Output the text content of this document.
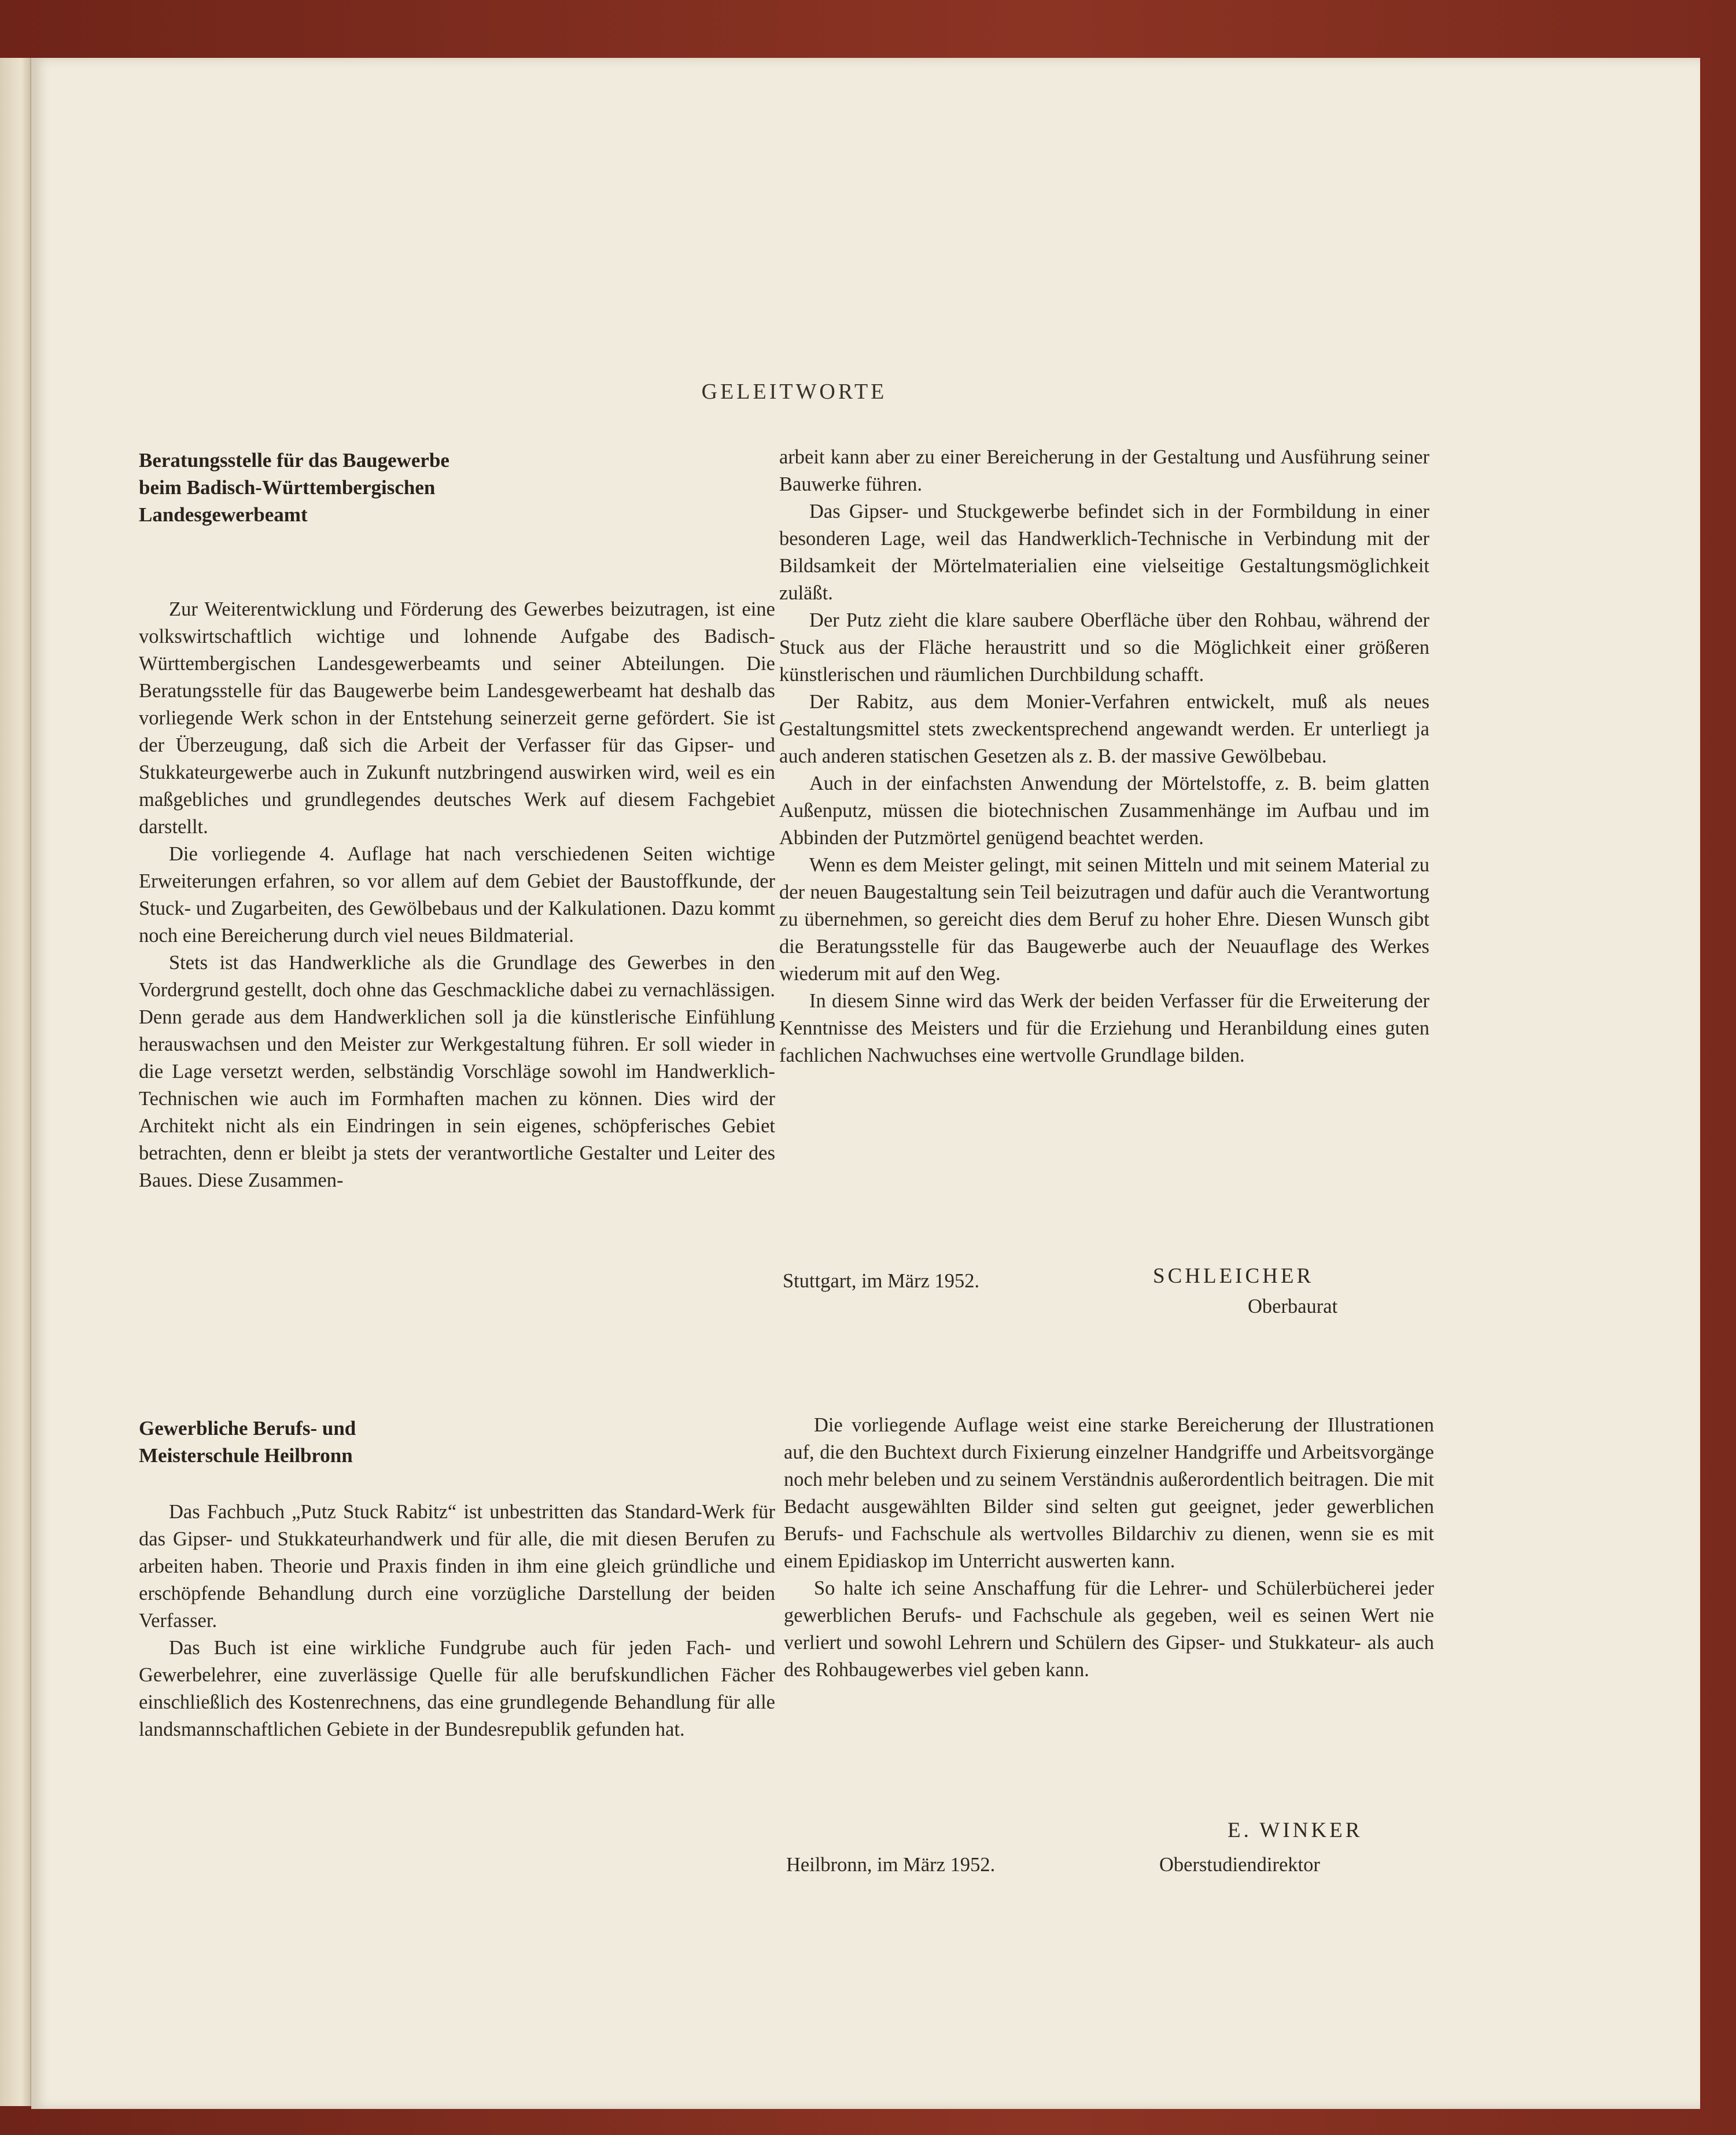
GELEITWORTE
Beratungsstelle für das Baugewerbe
beim Badisch-Württembergischen
Landesgewerbeamt

Zur Weiterentwicklung und Förderung des Gewerbes beizutragen, ist eine volkswirtschaftlich wichtige und lohnende Aufgabe des Badisch-Württembergischen Landesgewerbeamts und seiner Abteilungen. Die Beratungsstelle für das Baugewerbe beim Landesgewerbeamt hat deshalb das vorliegende Werk schon in der Entstehung seinerzeit gerne gefördert. Sie ist der Überzeugung, daß sich die Arbeit der Verfasser für das Gipser- und Stukkateurgewerbe auch in Zukunft nutzbringend auswirken wird, weil es ein maßgebliches und grundlegendes deutsches Werk auf diesem Fachgebiet darstellt.

Die vorliegende 4. Auflage hat nach verschiedenen Seiten wichtige Erweiterungen erfahren, so vor allem auf dem Gebiet der Baustoffkunde, der Stuck- und Zugarbeiten, des Gewölbebaus und der Kalkulationen. Dazu kommt noch eine Bereicherung durch viel neues Bildmaterial.

Stets ist das Handwerkliche als die Grundlage des Gewerbes in den Vordergrund gestellt, doch ohne das Geschmackliche dabei zu vernachlässigen. Denn gerade aus dem Handwerklichen soll ja die künstlerische Einfühlung herauswachsen und den Meister zur Werkgestaltung führen. Er soll wieder in die Lage versetzt werden, selbständig Vorschläge sowohl im Handwerklich-Technischen wie auch im Formhaften machen zu können. Dies wird der Architekt nicht als ein Eindringen in sein eigenes, schöpferisches Gebiet betrachten, denn er bleibt ja stets der verantwortliche Gestalter und Leiter des Baues. Diese Zusammen-

arbeit kann aber zu einer Bereicherung in der Gestaltung und Ausführung seiner Bauwerke führen.

Das Gipser- und Stuckgewerbe befindet sich in der Formbildung in einer besonderen Lage, weil das Handwerklich-Technische in Verbindung mit der Bildsamkeit der Mörtelmaterialien eine vielseitige Gestaltungsmöglichkeit zuläßt.

Der Putz zieht die klare saubere Oberfläche über den Rohbau, während der Stuck aus der Fläche heraustritt und so die Möglichkeit einer größeren künstlerischen und räumlichen Durchbildung schafft.

Der Rabitz, aus dem Monier-Verfahren entwickelt, muß als neues Gestaltungsmittel stets zweckentsprechend angewandt werden. Er unterliegt ja auch anderen statischen Gesetzen als z. B. der massive Gewölbebau.

Auch in der einfachsten Anwendung der Mörtelstoffe, z. B. beim glatten Außenputz, müssen die biotechnischen Zusammenhänge im Aufbau und im Abbinden der Putzmörtel genügend beachtet werden.

Wenn es dem Meister gelingt, mit seinen Mitteln und mit seinem Material zu der neuen Baugestaltung sein Teil beizutragen und dafür auch die Verantwortung zu übernehmen, so gereicht dies dem Beruf zu hoher Ehre. Diesen Wunsch gibt die Beratungsstelle für das Baugewerbe auch der Neuauflage des Werkes wiederum mit auf den Weg.

In diesem Sinne wird das Werk der beiden Verfasser für die Erweiterung der Kenntnisse des Meisters und für die Erziehung und Heranbildung eines guten fachlichen Nachwuchses eine wertvolle Grundlage bilden.

Stuttgart, im März 1952.	SCHLEICHER
Oberbaurat
Gewerbliche Berufs- und
Meisterschule Heilbronn

Das Fachbuch „Putz Stuck Rabitz“ ist unbestritten das Standard-Werk für das Gipser- und Stukkateurhandwerk und für alle, die mit diesen Berufen zu arbeiten haben. Theorie und Praxis finden in ihm eine gleich gründliche und erschöpfende Behandlung durch eine vorzügliche Darstellung der beiden Verfasser.

Das Buch ist eine wirkliche Fundgrube auch für jeden Fach- und Gewerbelehrer, eine zuverlässige Quelle für alle berufskundlichen Fächer einschließlich des Kostenrechnens, das eine grundlegende Behandlung für alle landsmannschaftlichen Gebiete in der Bundesrepublik gefunden hat.

Die vorliegende Auflage weist eine starke Bereicherung der Illustrationen auf, die den Buchtext durch Fixierung einzelner Handgriffe und Arbeitsvorgänge noch mehr beleben und zu seinem Verständnis außerordentlich beitragen. Die mit Bedacht ausgewählten Bilder sind selten gut geeignet, jeder gewerblichen Berufs- und Fachschule als wertvolles Bildarchiv zu dienen, wenn sie es mit einem Epidiaskop im Unterricht auswerten kann.

So halte ich seine Anschaffung für die Lehrer- und Schülerbücherei jeder gewerblichen Berufs- und Fachschule als gegeben, weil es seinen Wert nie verliert und sowohl Lehrern und Schülern des Gipser- und Stukkateur- als auch des Rohbaugewerbes viel geben kann.

E. WINKER
Heilbronn, im März 1952.	Oberstudiendirektor
